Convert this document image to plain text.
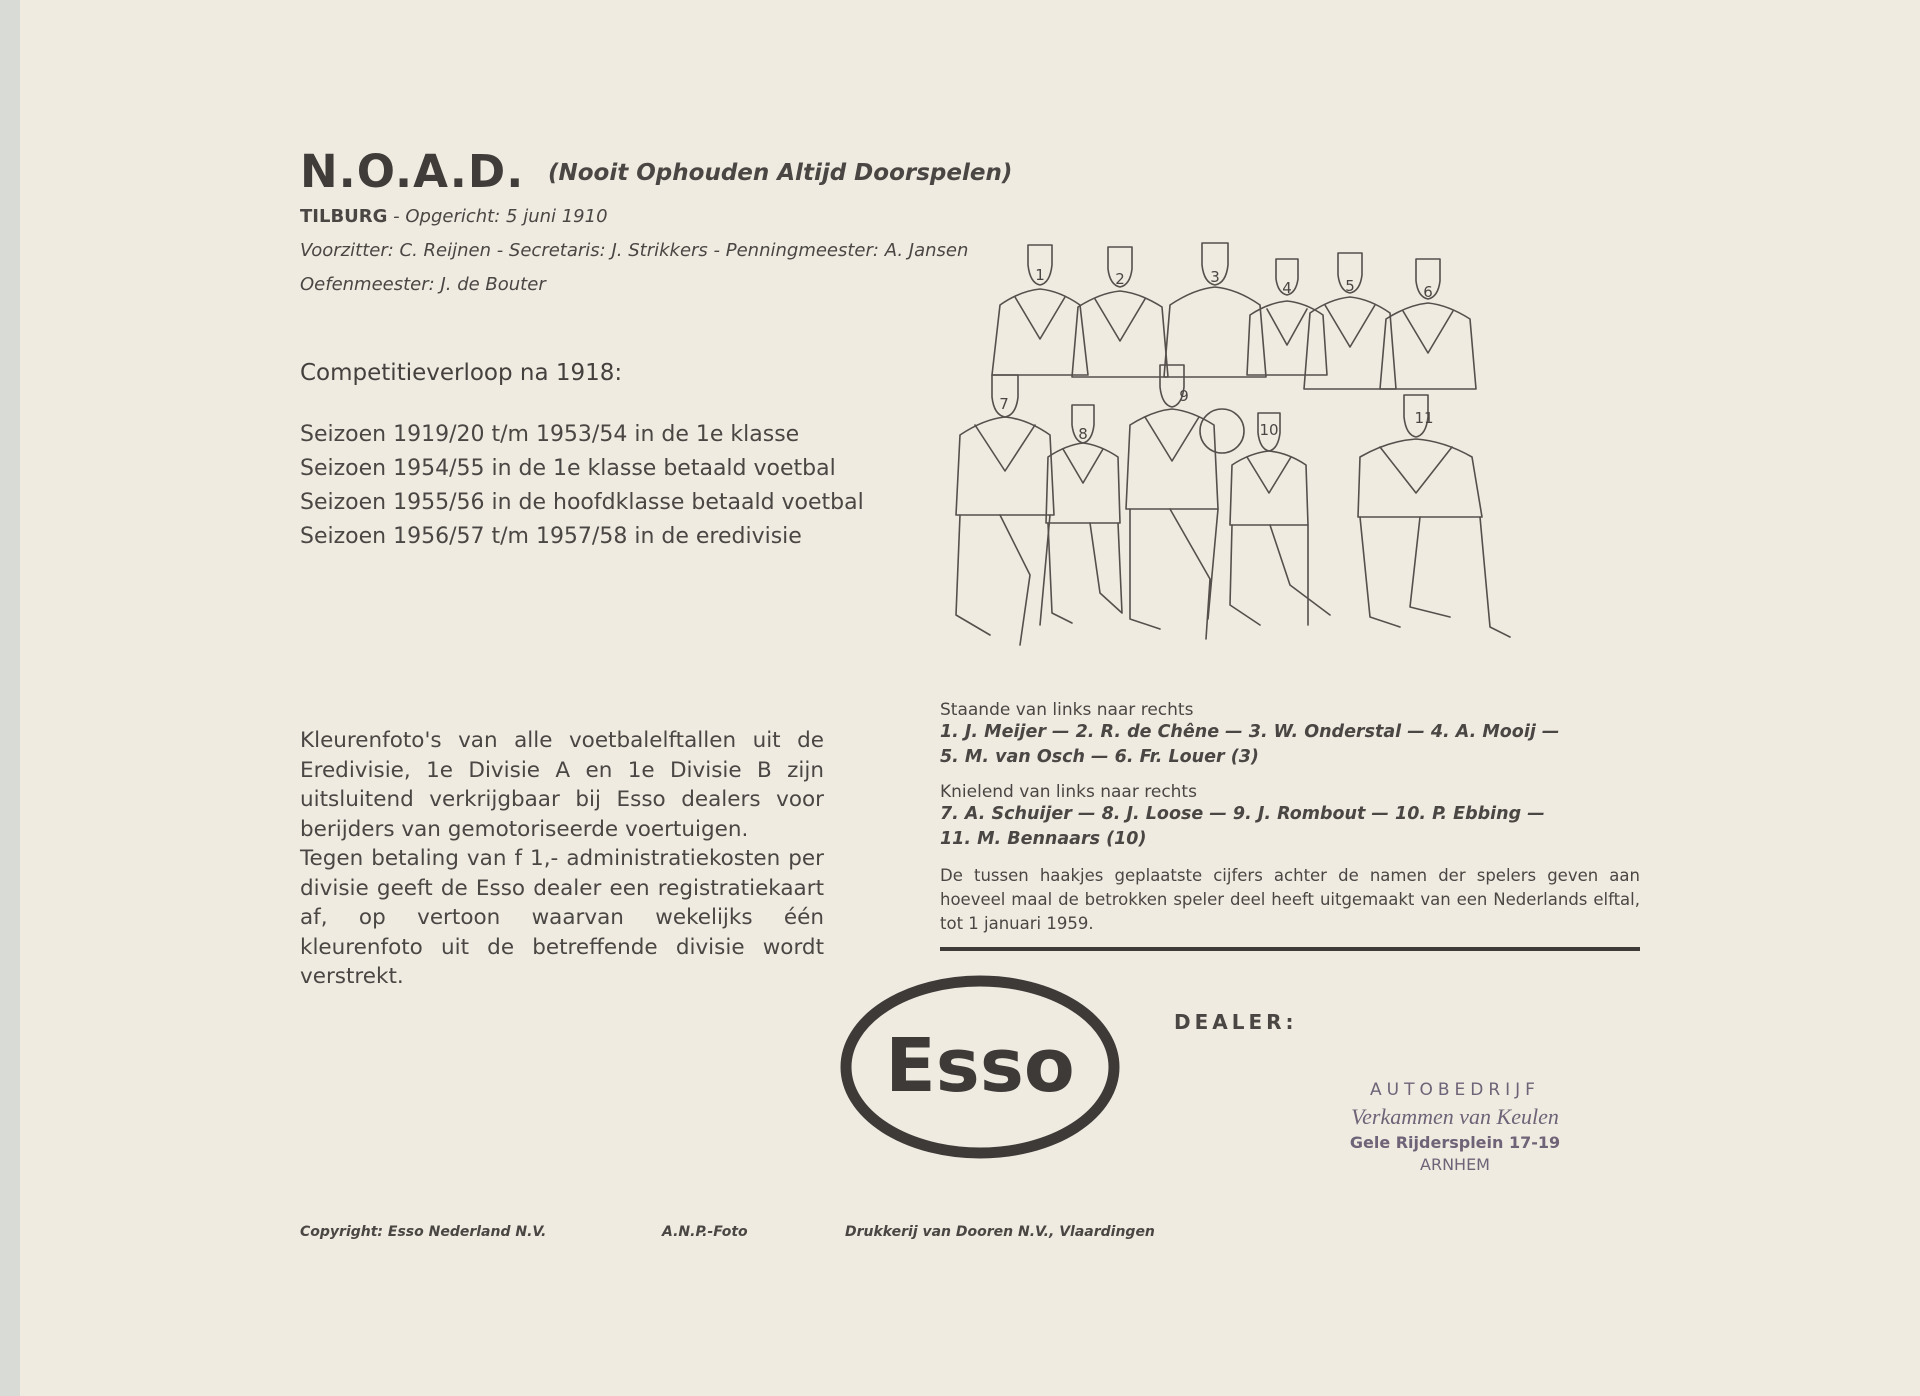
N.O.A.D. (Nooit Ophouden Altijd Doorspelen)
TILBURG - Opgericht: 5 juni 1910
Voorzitter: C. Reijnen - Secretaris: J. Strikkers - Penningmeester: A. Jansen
Oefenmeester: J. de Bouter
Competitieverloop na 1918:
Seizoen 1919/20 t/m 1953/54 in de 1e klasse
Seizoen 1954/55 in de 1e klasse betaald voetbal
Seizoen 1955/56 in de hoofdklasse betaald voetbal
Seizoen 1956/57 t/m 1957/58 in de eredivisie

Kleurenfoto's van alle voetbalelftallen uit de Eredivisie, 1e Divisie A en 1e Divisie B zijn uitsluitend verkrijgbaar bij Esso dealers voor berijders van gemotoriseerde voertuigen.

Tegen betaling van f 1,- administratiekosten per divisie geeft de Esso dealer een registratiekaart af, op vertoon waarvan wekelijks één kleurenfoto uit de betreffende divisie wordt verstrekt.

1	2	3
4	5	6
7
8
9
10
11
Staande van links naar rechts
1. J. Meijer — 2. R. de Chêne — 3. W. Onderstal — 4. A. Mooij —
5. M. van Osch — 6. Fr. Louer (3)
Knielend van links naar rechts
7. A. Schuijer — 8. J. Loose — 9. J. Rombout — 10. P. Ebbing —
11. M. Bennaars (10)
De tussen haakjes geplaatste cijfers achter de namen der spelers geven aan hoeveel maal de betrokken speler deel heeft uitgemaakt van een Nederlands elftal, tot 1 januari 1959.
Esso
DEALER:
AUTOBEDRIJF
Verkammen van Keulen
Gele Rijdersplein 17-19
ARNHEM
Copyright: Esso Nederland N.V.	A.N.P.-Foto	Drukkerij van Dooren N.V., Vlaardingen
